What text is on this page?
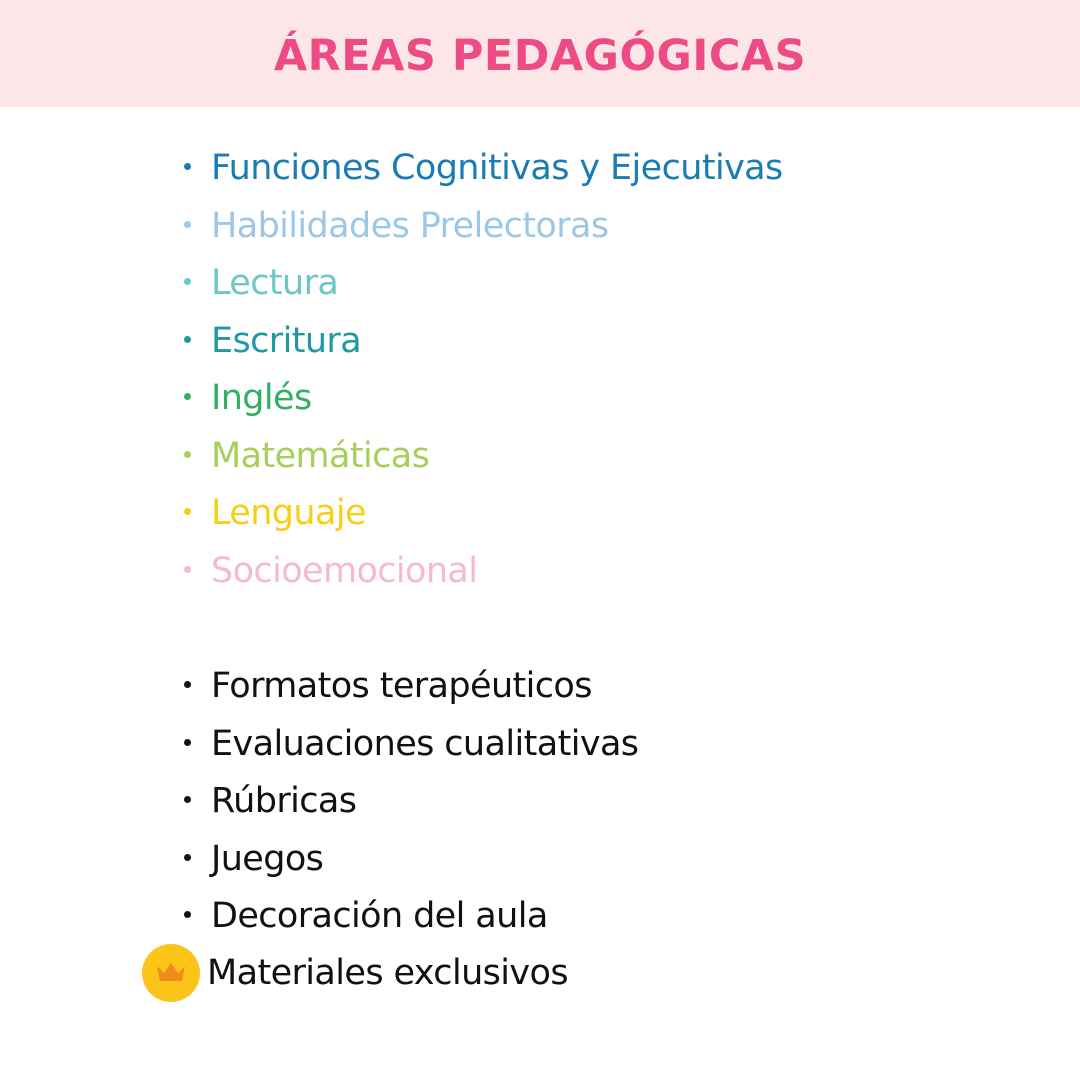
ÁREAS PEDAGÓGICAS
Funciones Cognitivas y Ejecutivas
Habilidades Prelectoras
Lectura
Escritura
Inglés
Matemáticas
Lenguaje
Socioemocional
Formatos terapéuticos
Evaluaciones cualitativas
Rúbricas
Juegos
Decoración del aula
Materiales exclusivos
